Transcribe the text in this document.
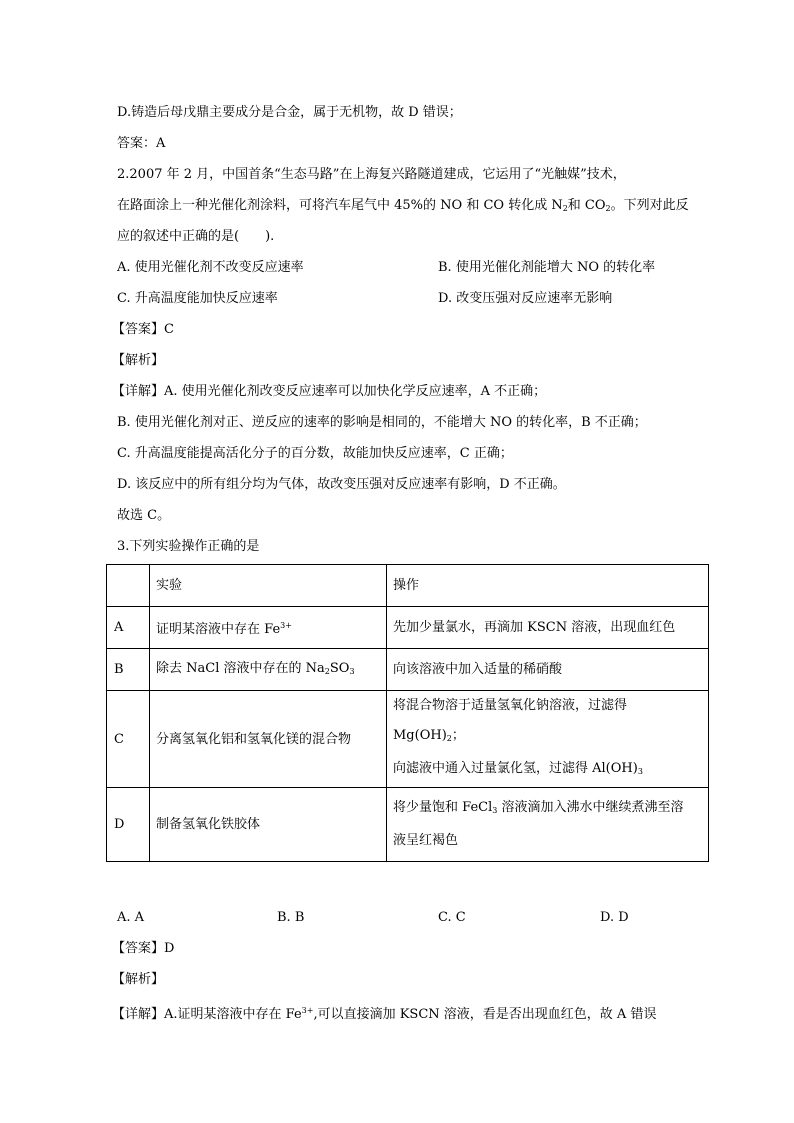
D.铸造后母戊鼎主要成分是合金，属于无机物，故 D 错误；
答案：A
2.2007 年 2 月，中国首条“生态马路”在上海复兴路隧道建成，它运用了“光触媒”技术，
在路面涂上一种光催化剂涂料，可将汽车尾气中 45%的 NO 和 CO 转化成 $N_2$和 $CO_2$。下列对此反
应的叙述中正确的是(　　).
A. 使用光催化剂不改变反应速率	B. 使用光催化剂能增大 NO 的转化率
C. 升高温度能加快反应速率	D. 改变压强对反应速率无影响
【答案】C
【解析】
【详解】A. 使用光催化剂改变反应速率可以加快化学反应速率，A 不正确；
B. 使用光催化剂对正、逆反应的速率的影响是相同的，不能增大 NO 的转化率，B 不正确；
C. 升高温度能提高活化分子的百分数，故能加快反应速率，C 正确；
D. 该反应中的所有组分均为气体，故改变压强对反应速率有影响，D 不正确。
故选 C。
3.下列实验操作正确的是
	实验	操作
A	证明某溶液中存在 $Fe^{3+}$	先加少量氯水，再滴加 KSCN 溶液，出现血红色
B	除去 NaCl 溶液中存在的 $Na_2SO_3$	向该溶液中加入适量的稀硝酸
C	分离氢氧化铝和氢氧化镁的混合物	将混合物溶于适量氢氧化钠溶液，过滤得 $Mg(OH)_2$；
向滤液中通入过量氯化氢，过滤得 $Al(OH)_3$

D	制备氢氧化铁胶体	将少量饱和 FeCl$_3$ 溶液滴加入沸水中继续煮沸至溶
液呈红褐色
A. A	B. B	C. C	D. D
【答案】D
【解析】
【详解】A.证明某溶液中存在 $Fe^{3+}$,可以直接滴加 KSCN 溶液，看是否出现血红色，故 A 错误
